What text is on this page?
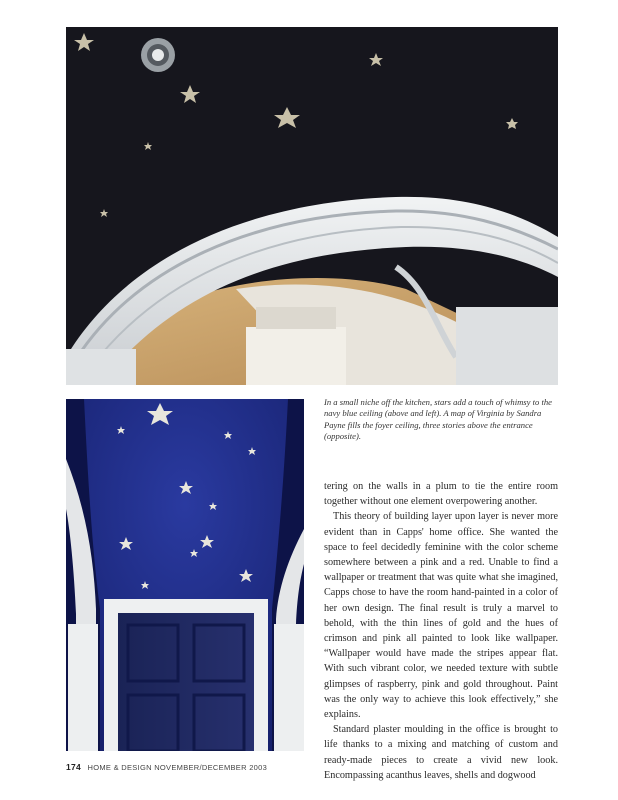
In a small niche off the kitchen, stars add a touch of whimsy to the navy blue ceiling (above and left). A map of Virginia by Sandra Payne fills the foyer ceiling, three stories above the entrance (opposite).

tering on the walls in a plum to tie the entire room together without one element overpowering another.

This theory of building layer upon layer is never more evident than in Capps' home office. She wanted the space to feel decidedly feminine with the color scheme somewhere between a pink and a red. Unable to find a wallpaper or treatment that was quite what she imagined, Capps chose to have the room hand-painted in a color of her own design. The final result is truly a marvel to behold, with the thin lines of gold and the hues of crimson and pink all painted to look like wallpaper. “Wallpaper would have made the stripes appear flat. With such vibrant color, we needed texture with subtle glimpses of raspberry, pink and gold throughout. Paint was the only way to achieve this look effectively,” she explains.

Standard plaster moulding in the office is brought to life thanks to a mixing and matching of custom and ready-made pieces to create a vivid new look. Encompassing acanthus leaves, shells and dogwood

174 HOME & DESIGN NOVEMBER/DECEMBER 2003
